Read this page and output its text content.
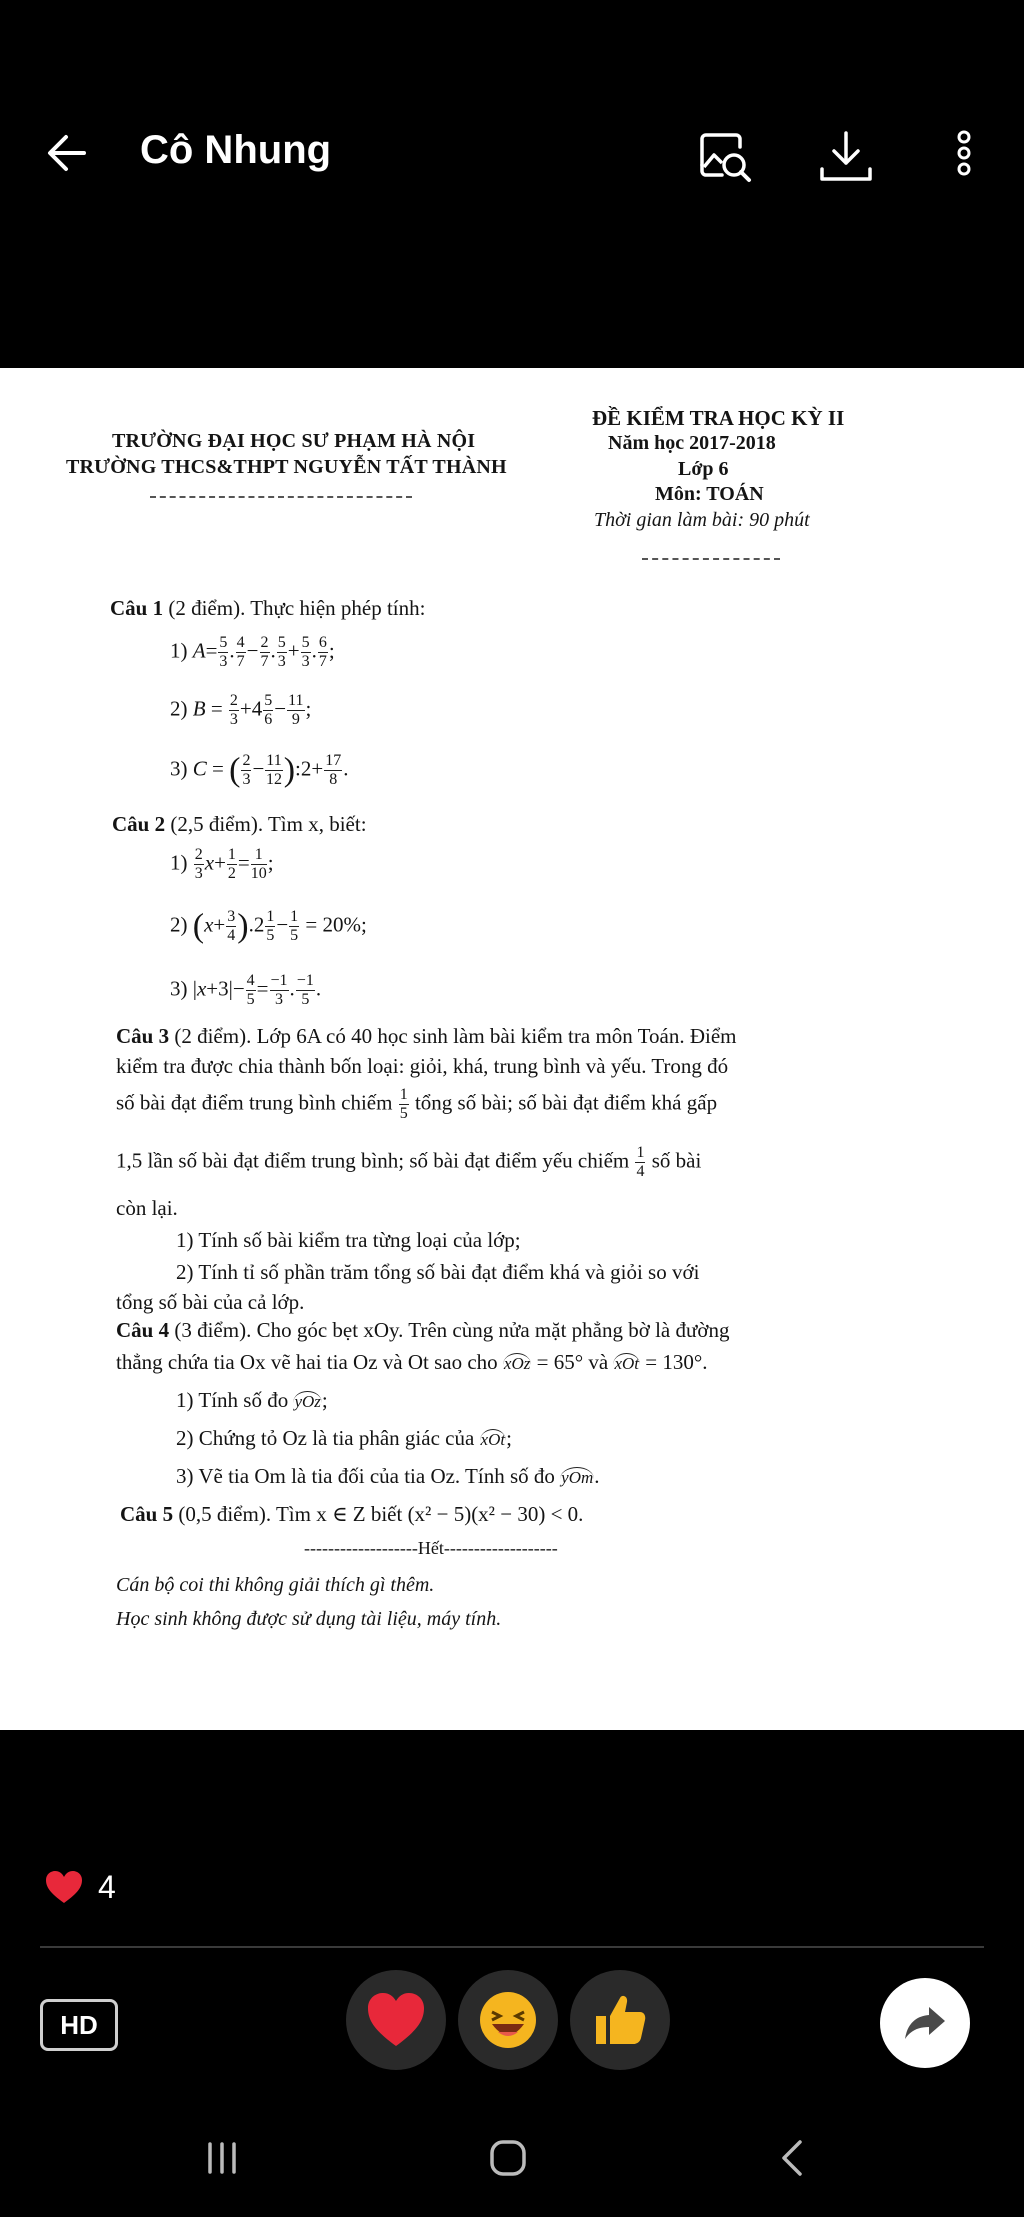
Cô Nhung
TRƯỜNG ĐẠI HỌC SƯ PHẠM HÀ NỘI
TRƯỜNG THCS&THPT NGUYỄN TẤT THÀNH
ĐỀ KIỂM TRA HỌC KỲ II
Năm học 2017-2018
Lớp 6
Môn: TOÁN
Thời gian làm bài: 90 phút
Câu 1 (2 điểm). Thực hiện phép tính:
1) $A= \frac{5}{3}$ . $\frac{4}{7} - \frac{2}{7}$ . $\frac{5}{3} + \frac{5}{3}$ . $\frac{6}{7}$ ;
2) $B = \frac{2}{3} +4 \frac{5}{6} - \frac{11}{9}$ ;
3) C = ( $\frac{2}{3} - \frac{11}{12}$ ):2+ $\frac{17}{8}$ .
Câu 2 (2,5 điểm). Tìm x, biết:
$1) \frac{2}{3} x+ \frac{1}{2} = \frac{1}{10}$ ;
2) $(x+ \frac{3}{4} ).2 \frac{1}{5} - \frac{1}{5} = 20\%$;
3) $|x+3|- \frac{4}{5} = \frac{-1}{3}$ . $\frac{-1}{5}$ .
Câu 3 (2 điểm). Lớp 6A có 40 học sinh làm bài kiểm tra môn Toán. Điểm
kiểm tra được chia thành bốn loại: giỏi, khá, trung bình và yếu. Trong đó
số bài đạt điểm trung bình chiếm $\frac{1}{5}$ tổng số bài; số bài đạt điểm khá gấp
1,5 lần số bài đạt điểm trung bình; số bài đạt điểm yếu chiếm $\frac{1}{4}$ số bài
còn lại.
1) Tính số bài kiểm tra từng loại của lớp;
2) Tính tỉ số phần trăm tổng số bài đạt điểm khá và giỏi so với
tổng số bài của cả lớp.
Câu 4 (3 điểm). Cho góc bẹt xOy. Trên cùng nửa mặt phẳng bờ là đường
thẳng chứa tia Ox vẽ hai tia Oz và Ot sao cho xOz = 65° và xOt = 130°.
1) Tính số đo yOz;
2) Chứng tỏ Oz là tia phân giác của xOt;
3) Vẽ tia Om là tia đối của tia Oz. Tính số đo yOm.
Câu 5 (0,5 điểm). Tìm x ∈ Z biết (x² − 5)(x² − 30) < 0.
-------------------Hết-------------------
Cán bộ coi thi không giải thích gì thêm.
Học sinh không được sử dụng tài liệu, máy tính.
4
HD
